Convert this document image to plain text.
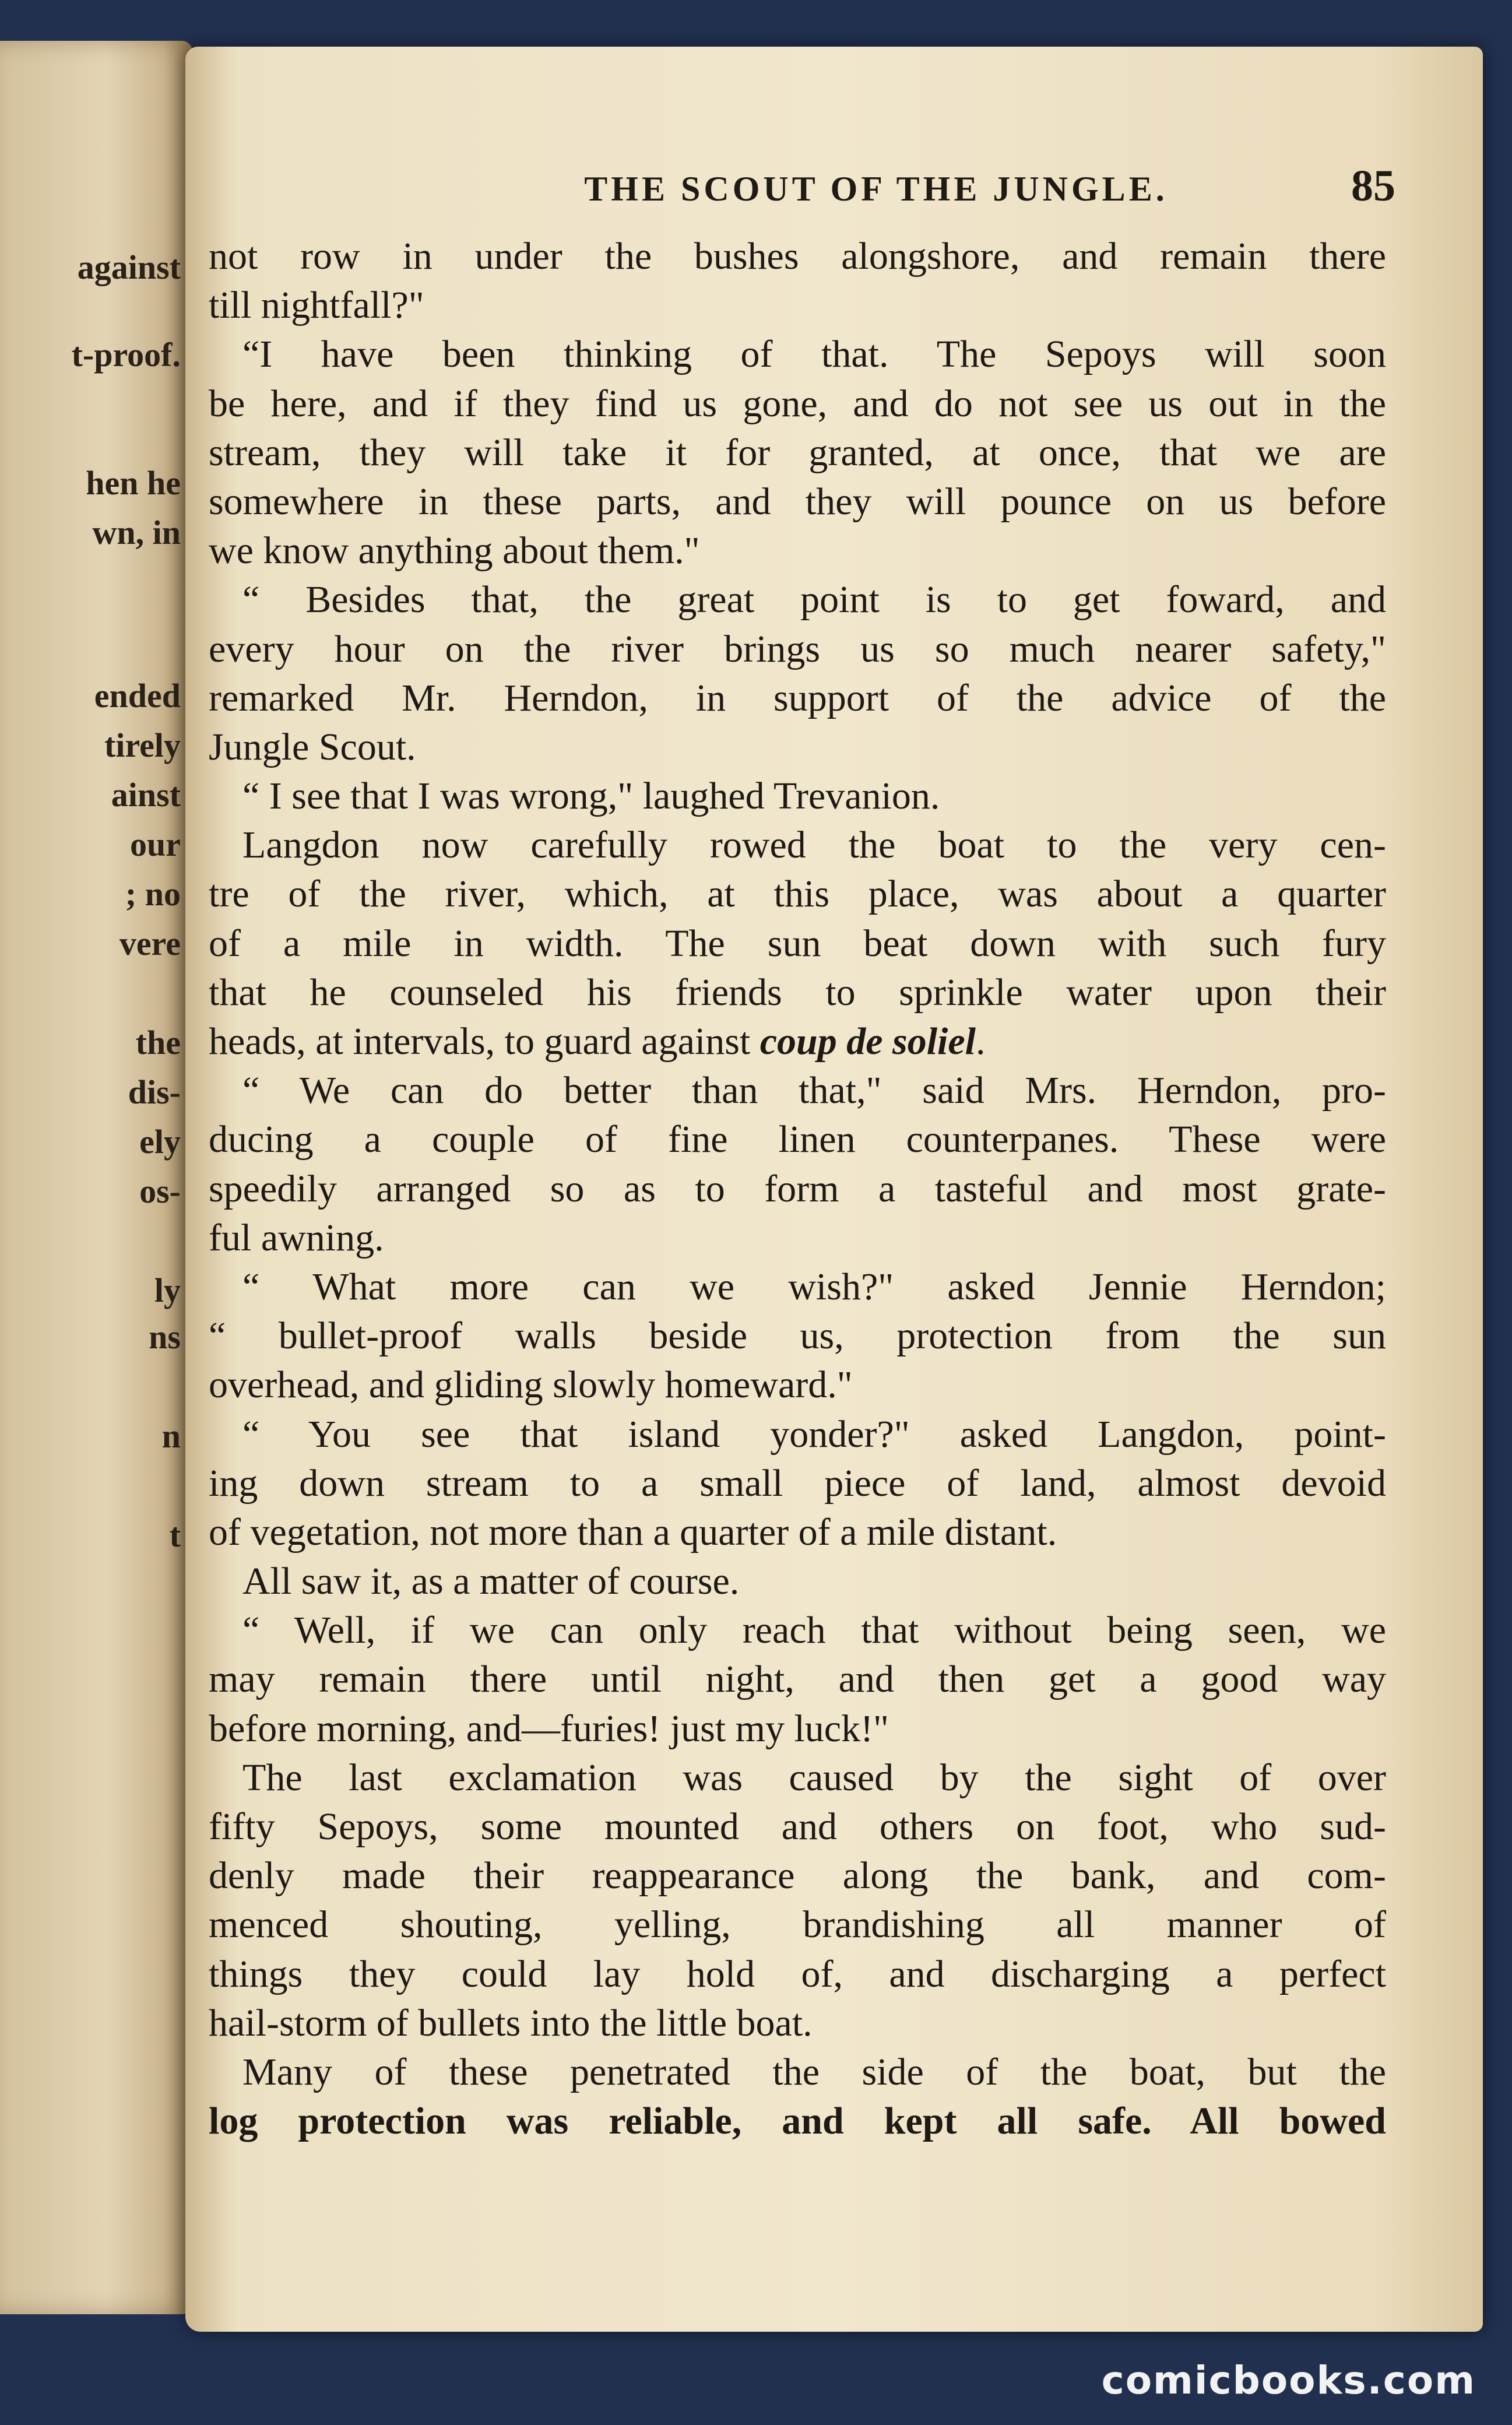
against
t-proof.
hen he
wn, in
ended
tirely
ainst
our
; no
vere
the
dis-
ely
os-
ly
ns
n
t
THE SCOUT OF THE JUNGLE.	85
not row in under the bushes alongshore, and remain there
till nightfall?"
“I have been thinking of that. The Sepoys will soon
be here, and if they find us gone, and do not see us out in the
stream, they will take it for granted, at once, that we are
somewhere in these parts, and they will pounce on us before
we know anything about them."
“ Besides that, the great point is to get foward, and
every hour on the river brings us so much nearer safety,"
remarked Mr. Herndon, in support of the advice of the
Jungle Scout.
“ I see that I was wrong," laughed Trevanion.
Langdon now carefully rowed the boat to the very cen-
tre of the river, which, at this place, was about a quarter
of a mile in width. The sun beat down with such fury
that he counseled his friends to sprinkle water upon their
heads, at intervals, to guard against coup de soliel.
“ We can do better than that," said Mrs. Herndon, pro-
ducing a couple of fine linen counterpanes. These were
speedily arranged so as to form a tasteful and most grate-
ful awning.
“ What more can we wish?" asked Jennie Herndon;
“ bullet-proof walls beside us, protection from the sun
overhead, and gliding slowly homeward."
“ You see that island yonder?" asked Langdon, point-
ing down stream to a small piece of land, almost devoid
of vegetation, not more than a quarter of a mile distant.
All saw it, as a matter of course.
“ Well, if we can only reach that without being seen, we
may remain there until night, and then get a good way
before morning, and—furies! just my luck!"
The last exclamation was caused by the sight of over
fifty Sepoys, some mounted and others on foot, who sud-
denly made their reappearance along the bank, and com-
menced shouting, yelling, brandishing all manner of
things they could lay hold of, and discharging a perfect
hail-storm of bullets into the little boat.
Many of these penetrated the side of the boat, but the
log protection was reliable, and kept all safe. All bowed
comicbooks.com
